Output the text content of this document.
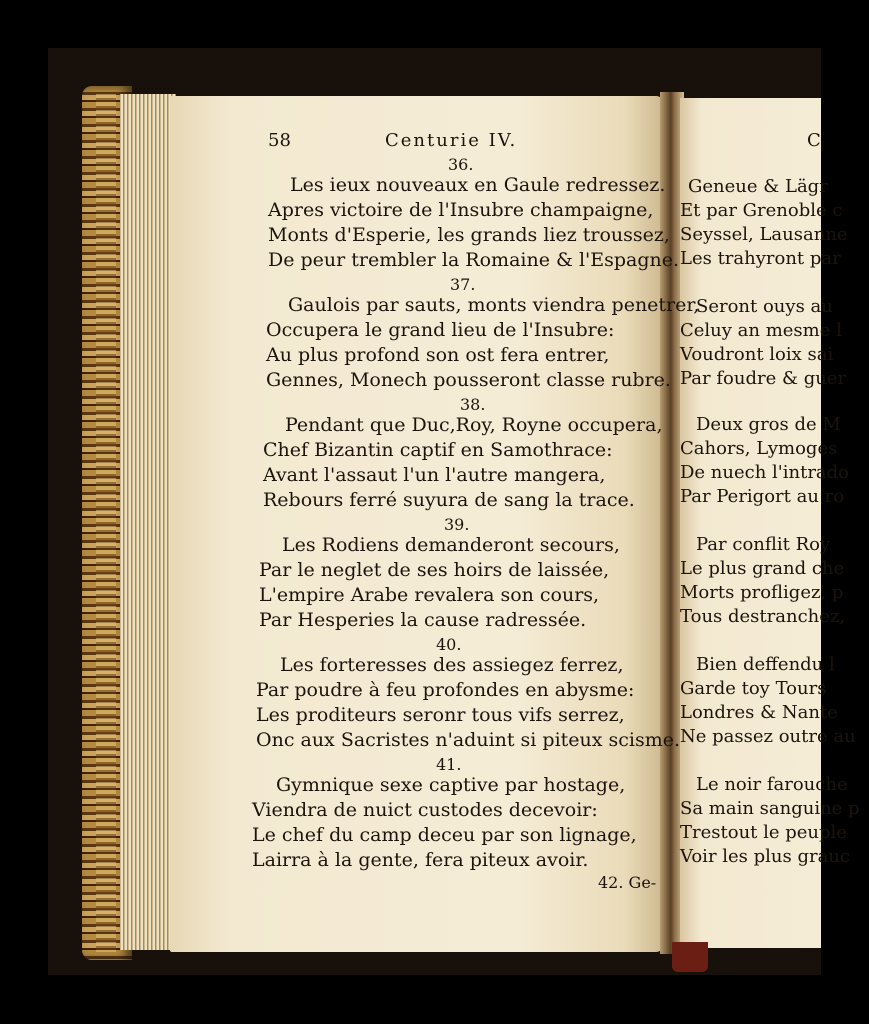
58	Centurie IV.
36.
Les ieux nouveaux en Gaule redressez.
Apres victoire de l'Insubre champaigne,
Monts d'Esperie, les grands liez troussez,
De peur trembler la Romaine & l'Espagne.
37.
Gaulois par sauts, monts viendra penetrer,
Occupera le grand lieu de l'Insubre:
Au plus profond son ost fera entrer,
Gennes, Monech pousseront classe rubre.
38.
Pendant que Duc,Roy, Royne occupera,
Chef Bizantin captif en Samothrace:
Avant l'assaut l'un l'autre mangera,
Rebours ferré suyura de sang la trace.
39.
Les Rodiens demanderont secours,
Par le neglet de ses hoirs de laissée,
L'empire Arabe revalera son cours,
Par Hesperies la cause radressée.
40.
Les forteresses des assiegez ferrez,
Par poudre à feu profondes en abysme:
Les proditeurs seronr tous vifs serrez,
Onc aux Sacristes n'aduint si piteux scisme.
41.
Gymnique sexe captive par hostage,
Viendra de nuict custodes decevoir:
Le chef du camp deceu par son lignage,
Lairra à la gente, fera piteux avoir.
42. Ge-
C
Geneue & Lägr
Et par Grenoble c
Seyssel, Lausanne
Les trahyront par
Seront ouys au
Celuy an mesme l
Voudront loix sai
Par foudre & guer
Deux gros de M
Cahors, Lymoges
De nuech l'intrado
Par Perigort au ro
Par conflit Roy
Le plus grand che
Morts profligez, p
Tous destranchez,
Bien deffendu l
Garde toy Tours
Londres & Nante
Ne passez outre au
Le noir farouche
Sa main sanguine p
Trestout le peuple
Voir les plus grauc
